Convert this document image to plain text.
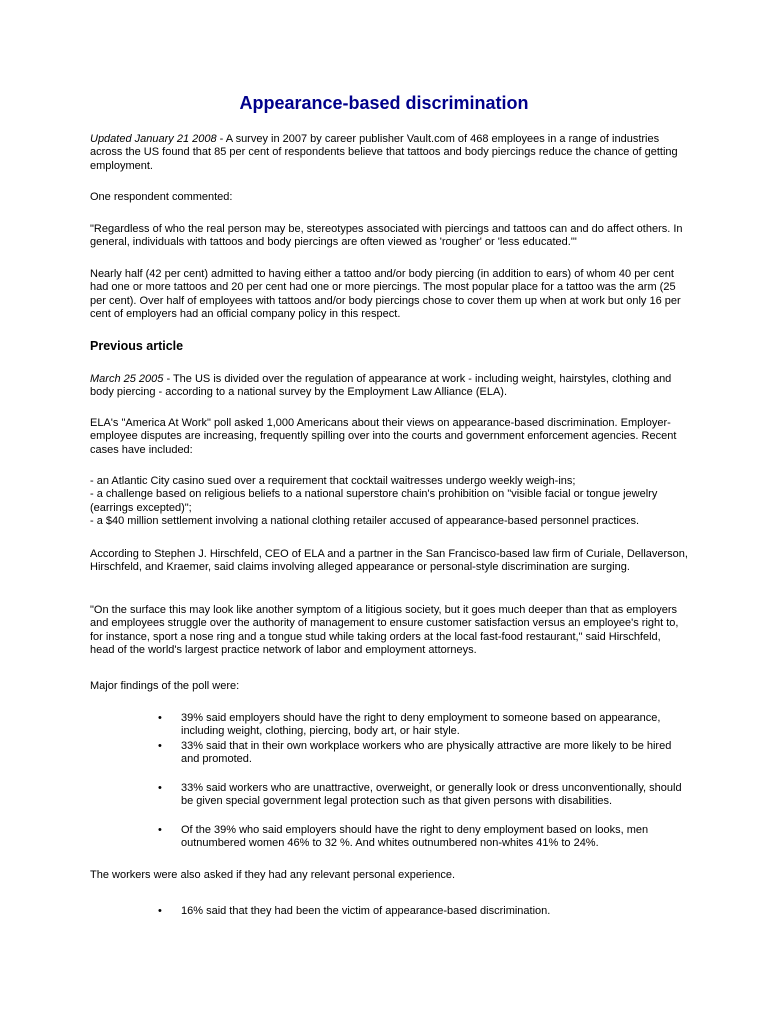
Appearance-based discrimination

Updated January 21 2008 - A survey in 2007 by career publisher Vault.com of 468 employees in a range of industries across the US found that 85 per cent of respondents believe that tattoos and body piercings reduce the chance of getting employment.

One respondent commented:

"Regardless of who the real person may be, stereotypes associated with piercings and tattoos can and do affect others. In general, individuals with tattoos and body piercings are often viewed as 'rougher' or 'less educated.'"

Nearly half (42 per cent) admitted to having either a tattoo and/or body piercing (in addition to ears) of whom 40 per cent had one or more tattoos and 20 per cent had one or more piercings. The most popular place for a tattoo was the arm (25 per cent). Over half of employees with tattoos and/or body piercings chose to cover them up when at work but only 16 per cent of employers had an official company policy in this respect.

Previous article

March 25 2005 - The US is divided over the regulation of appearance at work - including weight, hairstyles, clothing and body piercing - according to a national survey by the Employment Law Alliance (ELA).

ELA's "America At Work" poll asked 1,000 Americans about their views on appearance-based discrimination. Employer-employee disputes are increasing, frequently spilling over into the courts and government enforcement agencies. Recent cases have included:

- an Atlantic City casino sued over a requirement that cocktail waitresses undergo weekly weigh-ins;
- a challenge based on religious beliefs to a national superstore chain's prohibition on "visible facial or tongue jewelry (earrings excepted)";
- a $40 million settlement involving a national clothing retailer accused of appearance-based personnel practices.

According to Stephen J. Hirschfeld, CEO of ELA and a partner in the San Francisco-based law firm of Curiale, Dellaverson, Hirschfeld, and Kraemer, said claims involving alleged appearance or personal-style discrimination are surging.

"On the surface this may look like another symptom of a litigious society, but it goes much deeper than that as employers and employees struggle over the authority of management to ensure customer satisfaction versus an employee's right to, for instance, sport a nose ring and a tongue stud while taking orders at the local fast-food restaurant," said Hirschfeld, head of the world's largest practice network of labor and employment attorneys.

Major findings of the poll were:

•	39% said employers should have the right to deny employment to someone based on appearance, including weight, clothing, piercing, body art, or hair style.

•	33% said that in their own workplace workers who are physically attractive are more likely to be hired and promoted.

•	33% said workers who are unattractive, overweight, or generally look or dress unconventionally, should be given special government legal protection such as that given persons with disabilities.

•	Of the 39% who said employers should have the right to deny employment based on looks, men outnumbered women 46% to 32 %. And whites outnumbered non-whites 41% to 24%.

The workers were also asked if they had any relevant personal experience.

•	16% said that they had been the victim of appearance-based discrimination.
